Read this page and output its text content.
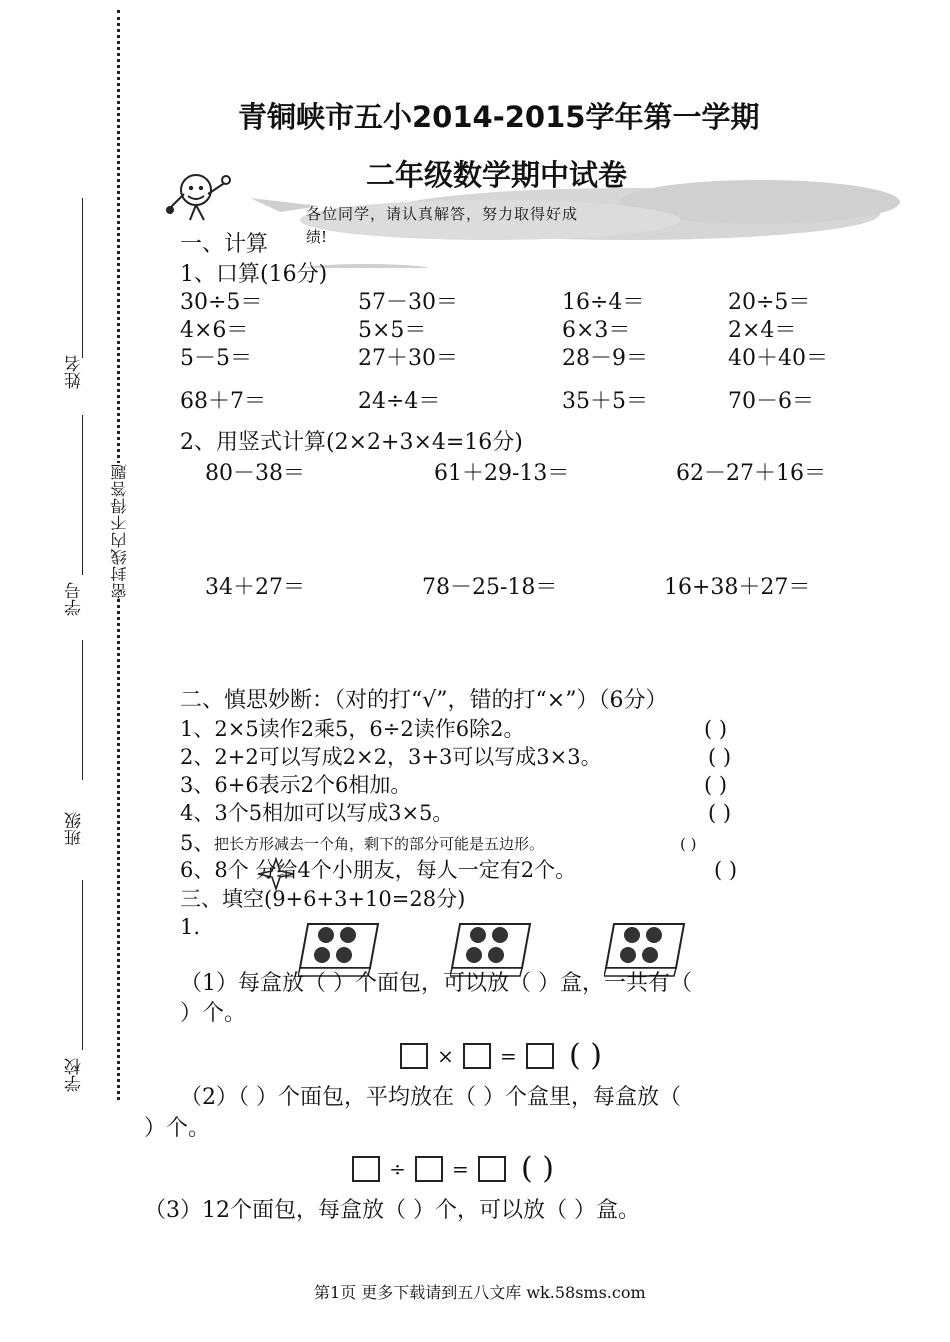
姓名
学号
班级
学校
密封线内不得答题
青铜峡市五小2014-2015学年第一学期
二年级数学期中试卷
各位同学，请认真解答，努力取得好成
绩!
一、计算
1、口算(16分)
30÷5＝	57－30＝	16÷4＝	20÷5＝
4×6＝	5×5＝	6×3＝	2×4＝
5－5＝	27＋30＝	28－9＝	40＋40＝
68＋7＝	24÷4＝	35＋5＝	70－6＝
2、用竖式计算(2×2+3×4=16分)
80－38＝	61＋29-13＝	62－27＋16＝
34＋27＝	78－25-18＝	16+38＋27＝
二、慎思妙断：（对的打“√”，错的打“×”）（6分）
1、2×5读作2乘5，6÷2读作6除2。	( )
2、2+2可以写成2×2，3+3可以写成3×3。	( )
3、6+6表示2个6相加。	( )
4、3个5相加可以写成3×5。	( )
5、 把长方形减去一个角，剩下的部分可能是五边形。	( )
6、8个 分给4个小朋友，每人一定有2个。	( )
三、填空(9+6+3+10=28分)
1.
（1）每盒放（ ）个面包，可以放（ ）盒，一共有（
）个。
× = ( )
（2）（ ）个面包，平均放在（ ）个盒里，每盒放（
）个。
÷ = ( )
（3）12个面包，每盒放（ ）个，可以放（ ）盒。
第1页 更多下载请到五八文库 wk.58sms.com
